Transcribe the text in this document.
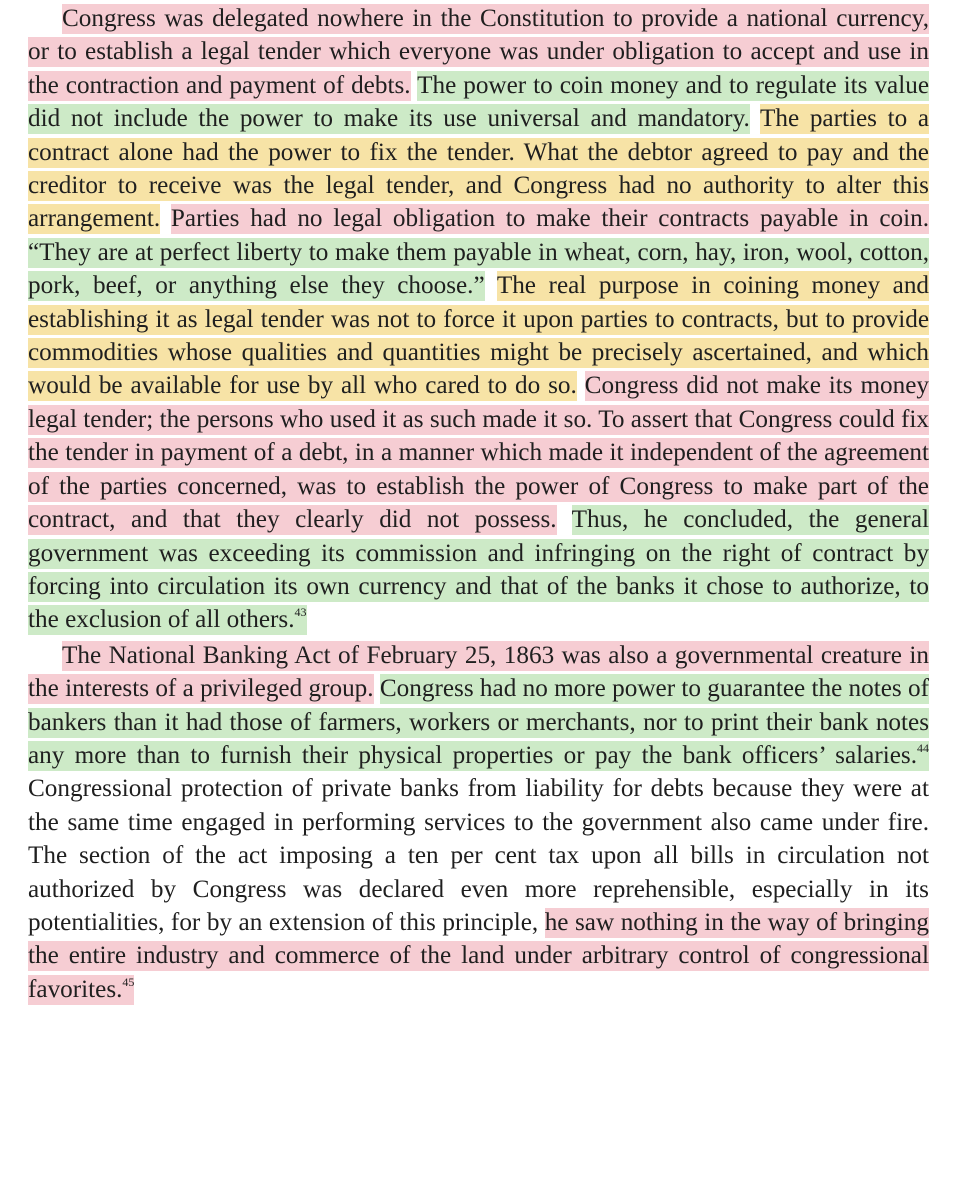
Congress was delegated nowhere in the Constitution to provide a national currency, or to establish a legal tender which everyone was under obligation to accept and use in the contraction and payment of debts. The power to coin money and to regulate its value did not include the power to make its use universal and mandatory. The parties to a contract alone had the power to fix the tender. What the debtor agreed to pay and the creditor to receive was the legal tender, and Congress had no authority to alter this arrangement. Parties had no legal obligation to make their contracts payable in coin. “They are at perfect liberty to make them payable in wheat, corn, hay, iron, wool, cotton, pork, beef, or anything else they choose.” The real purpose in coining money and establishing it as legal tender was not to force it upon parties to contracts, but to provide commodities whose qualities and quantities might be precisely ascertained, and which would be available for use by all who cared to do so. Congress did not make its money legal tender; the persons who used it as such made it so. To assert that Congress could fix the tender in payment of a debt, in a manner which made it independent of the agreement of the parties concerned, was to establish the power of Congress to make part of the contract, and that they clearly did not possess. Thus, he concluded, the general government was exceeding its commission and infringing on the right of contract by forcing into circulation its own currency and that of the banks it chose to authorize, to the exclusion of all others.$^{43}$

The National Banking Act of February 25, 1863 was also a governmental creature in the interests of a privileged group. Congress had no more power to guarantee the notes of bankers than it had those of farmers, workers or merchants, nor to print their bank notes any more than to furnish their physical properties or pay the bank officers’ salaries.$^{44}$ Congressional protection of private banks from liability for debts because they were at the same time engaged in performing services to the government also came under fire. The section of the act imposing a ten per cent tax upon all bills in circulation not authorized by Congress was declared even more reprehensible, especially in its potentialities, for by an extension of this principle, he saw nothing in the way of bringing the entire industry and commerce of the land under arbitrary control of congressional favorites.$^{45}$
